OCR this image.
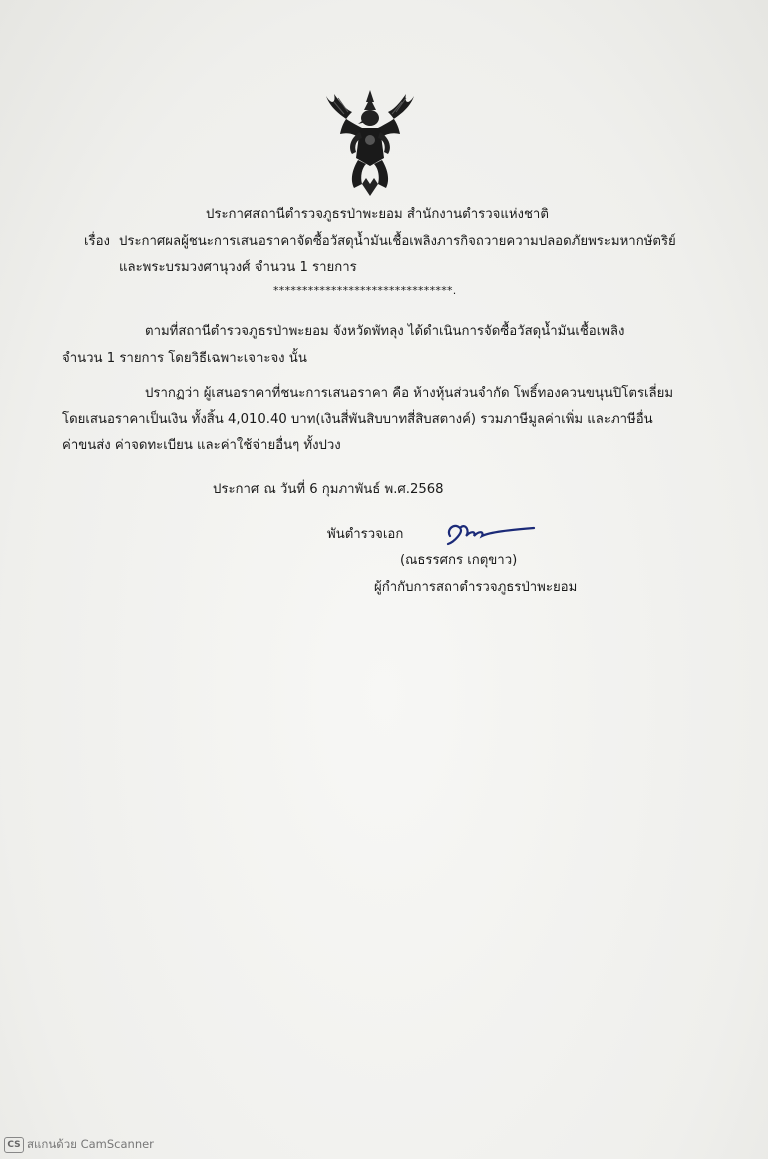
ประกาศสถานีตำรวจภูธรป่าพะยอม สำนักงานตำรวจแห่งชาติ
เรื่อง ประกาศผลผู้ชนะการเสนอราคาจัดซื้อวัสดุน้ำมันเชื้อเพลิงภารกิจถวายความปลอดภัยพระมหากษัตริย์
และพระบรมวงศานุวงศ์ จำนวน 1 รายการ
*******************************.
ตามที่สถานีตำรวจภูธรป่าพะยอม จังหวัดพัทลุง ได้ดำเนินการจัดซื้อวัสดุน้ำมันเชื้อเพลิง
จำนวน 1 รายการ โดยวิธีเฉพาะเจาะจง นั้น
ปรากฏว่า ผู้เสนอราคาที่ชนะการเสนอราคา คือ ห้างหุ้นส่วนจำกัด โพธิ์ทองควนขนุนปิโตรเลี่ยม
โดยเสนอราคาเป็นเงิน ทั้งสิ้น 4,010.40 บาท(เงินสี่พันสิบบาทสี่สิบสตางค์) รวมภาษีมูลค่าเพิ่ม และภาษีอื่น
ค่าขนส่ง ค่าจดทะเบียน และค่าใช้จ่ายอื่นๆ ทั้งปวง
ประกาศ ณ วันที่ 6 กุมภาพันธ์ พ.ศ.2568
พันตำรวจเอก
(ณธรรศกร เกตุขาว)
ผู้กำกับการสถาตำรวจภูธรป่าพะยอม
CS สแกนด้วย CamScanner
